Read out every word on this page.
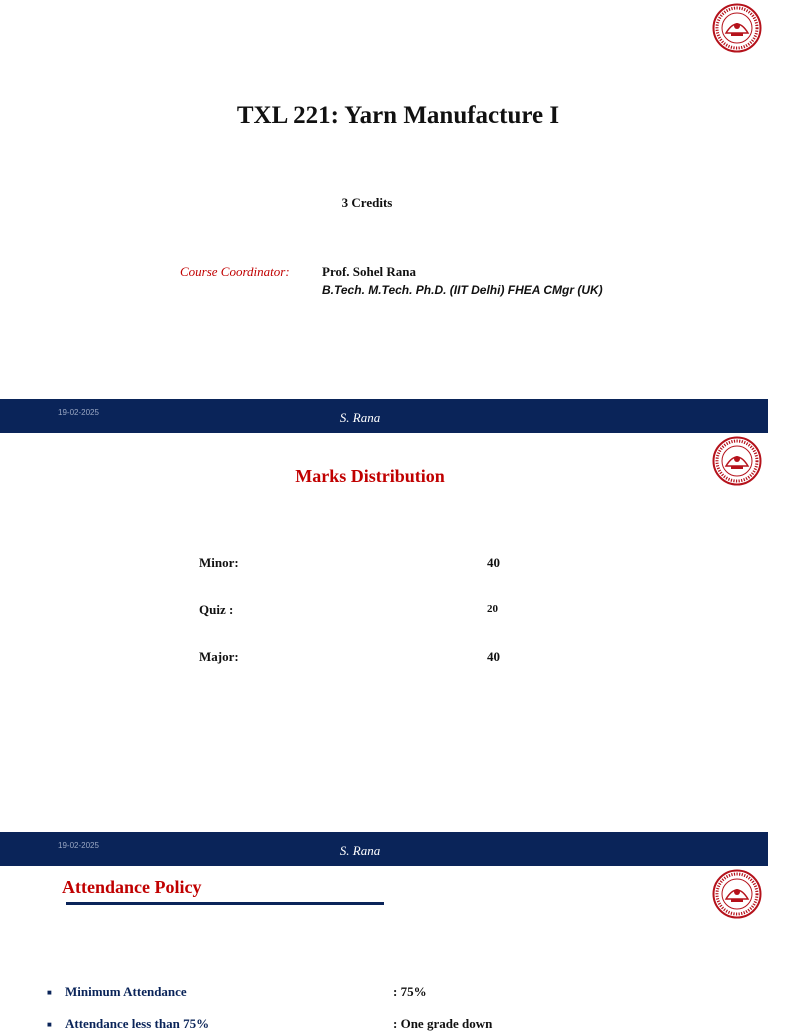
TXL 221: Yarn Manufacture I
3 Credits
Course Coordinator: Prof. Sohel Rana
B.Tech. M.Tech. Ph.D. (IIT Delhi) FHEA CMgr (UK)
19-02-2025	S. Rana
Marks Distribution
Minor:	40
Quiz :	20
Major:	40
19-02-2025	S. Rana
Attendance Policy
■ Minimum Attendance	: 75%
■ Attendance less than 75%	: One grade down
